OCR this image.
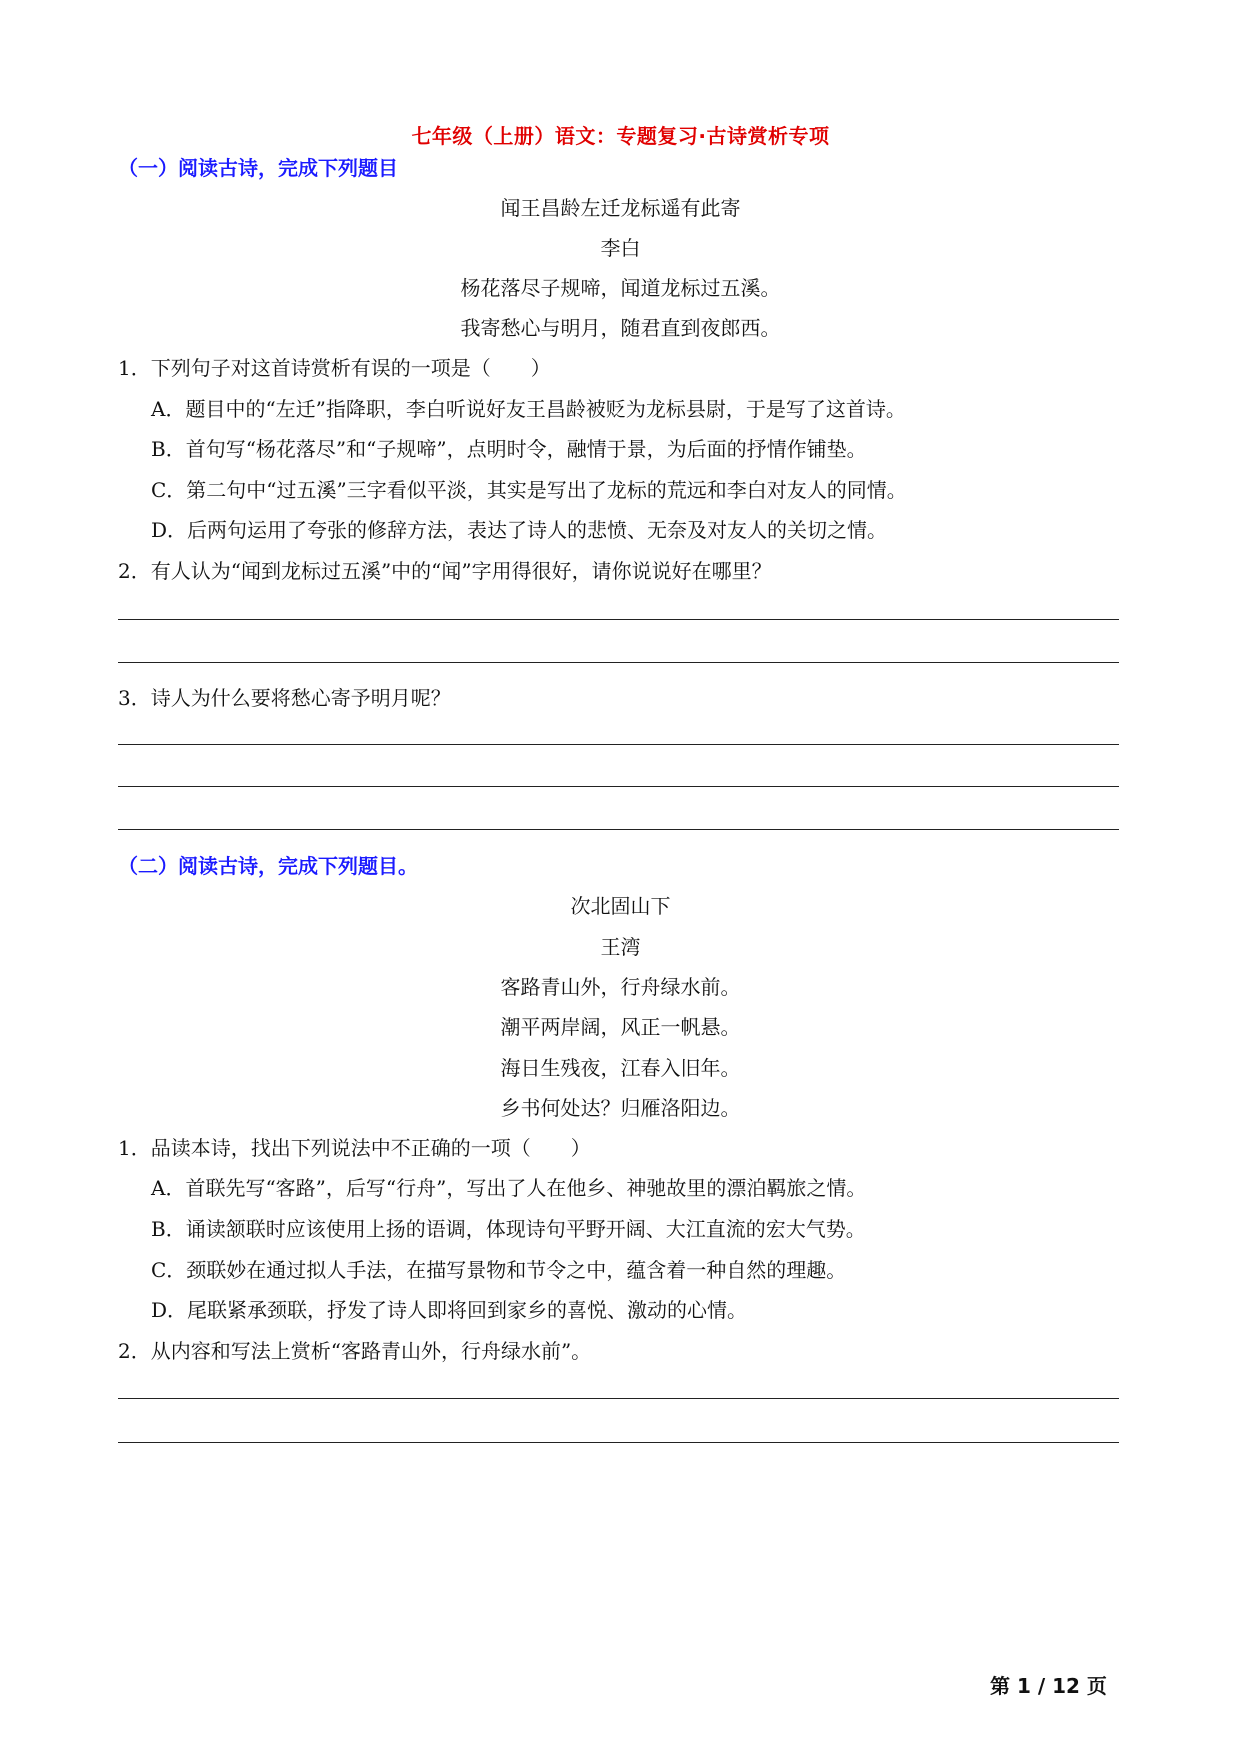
七年级（上册）语文：专题复习·古诗赏析专项
（一）阅读古诗，完成下列题目
闻王昌龄左迁龙标遥有此寄
李白
杨花落尽子规啼，闻道龙标过五溪。
我寄愁心与明月，随君直到夜郎西。
1．下列句子对这首诗赏析有误的一项是（　　）
A．题目中的“左迁”指降职，李白听说好友王昌龄被贬为龙标县尉，于是写了这首诗。
B．首句写“杨花落尽”和“子规啼”，点明时令，融情于景，为后面的抒情作铺垫。
C．第二句中“过五溪”三字看似平淡，其实是写出了龙标的荒远和李白对友人的同情。
D．后两句运用了夸张的修辞方法，表达了诗人的悲愤、无奈及对友人的关切之情。
2．有人认为“闻到龙标过五溪”中的“闻”字用得很好，请你说说好在哪里？
3．诗人为什么要将愁心寄予明月呢？
（二）阅读古诗，完成下列题目。
次北固山下
王湾
客路青山外，行舟绿水前。
潮平两岸阔，风正一帆悬。
海日生残夜，江春入旧年。
乡书何处达？归雁洛阳边。
1．品读本诗，找出下列说法中不正确的一项（　　）
A．首联先写“客路”，后写“行舟”，写出了人在他乡、神驰故里的漂泊羁旅之情。
B．诵读颔联时应该使用上扬的语调，体现诗句平野开阔、大江直流的宏大气势。
C．颈联妙在通过拟人手法，在描写景物和节令之中，蕴含着一种自然的理趣。
D．尾联紧承颈联，抒发了诗人即将回到家乡的喜悦、激动的心情。
2．从内容和写法上赏析“客路青山外，行舟绿水前”。
第 1 / 12 页
